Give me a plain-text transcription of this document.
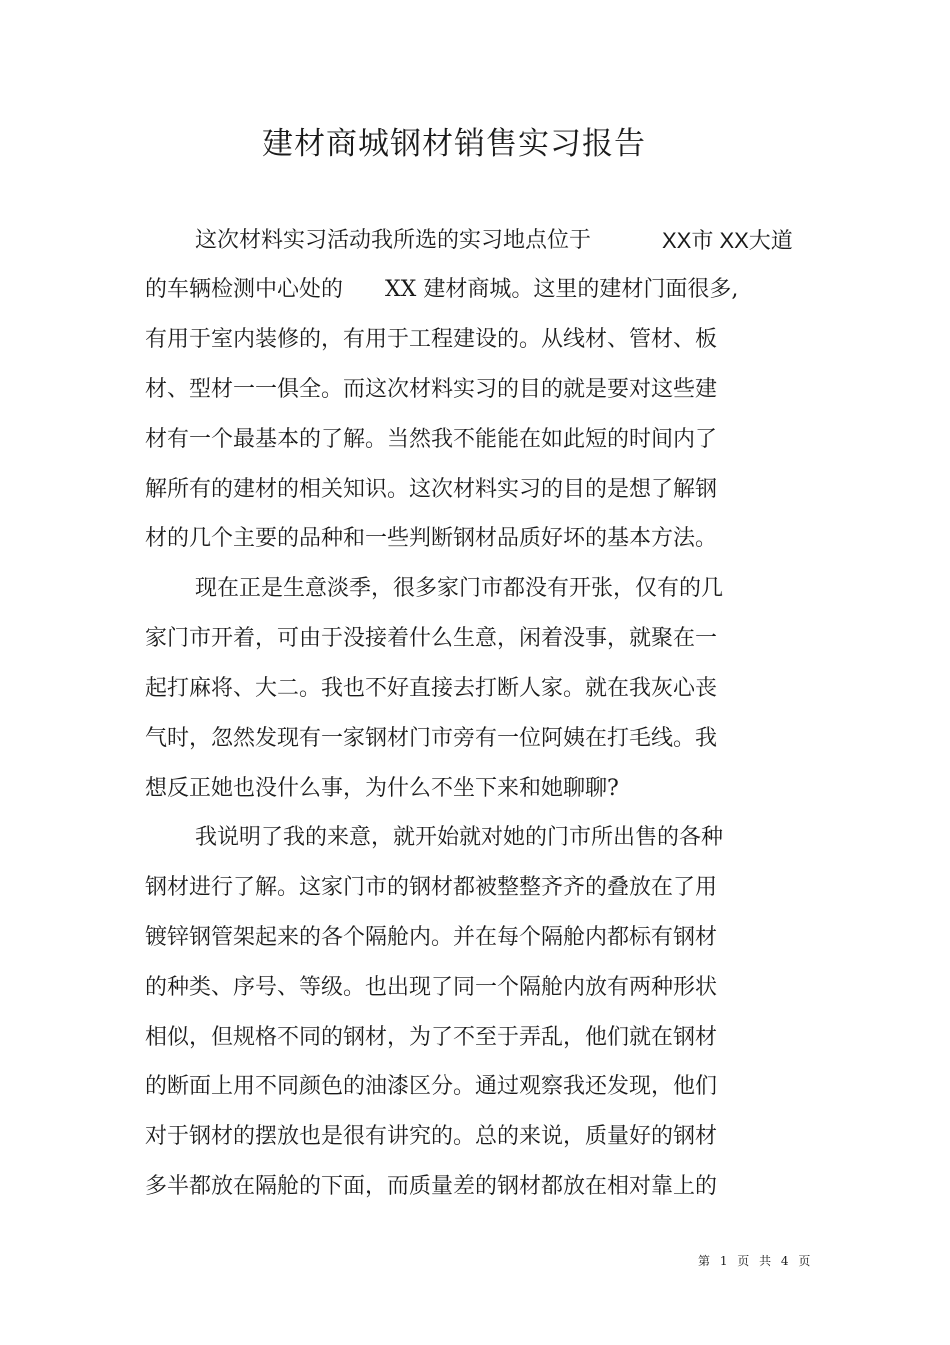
建材商城钢材销售实习报告

这次材料实习活动我所选的实习地点位于	XX市 XX大道

的车辆检测中心处的 XX 建材商城。这里的建材门面很多,

有用于室内装修的，有用于工程建设的。从线材、管材、板

材、型材一一俱全。而这次材料实习的目的就是要对这些建

材有一个最基本的了解。当然我不能能在如此短的时间内了

解所有的建材的相关知识。这次材料实习的目的是想了解钢

材的几个主要的品种和一些判断钢材品质好坏的基本方法。

现在正是生意淡季，很多家门市都没有开张，仅有的几

家门市开着，可由于没接着什么生意，闲着没事，就聚在一

起打麻将、大二。我也不好直接去打断人家。就在我灰心丧

气时，忽然发现有一家钢材门市旁有一位阿姨在打毛线。我

想反正她也没什么事，为什么不坐下来和她聊聊?

我说明了我的来意，就开始就对她的门市所出售的各种

钢材进行了解。这家门市的钢材都被整整齐齐的叠放在了用

镀锌钢管架起来的各个隔舱内。并在每个隔舱内都标有钢材

的种类、序号、等级。也出现了同一个隔舱内放有两种形状

相似，但规格不同的钢材，为了不至于弄乱，他们就在钢材

的断面上用不同颜色的油漆区分。通过观察我还发现，他们

对于钢材的摆放也是很有讲究的。总的来说，质量好的钢材

多半都放在隔舱的下面，而质量差的钢材都放在相对靠上的

第 1 页 共 4 页
